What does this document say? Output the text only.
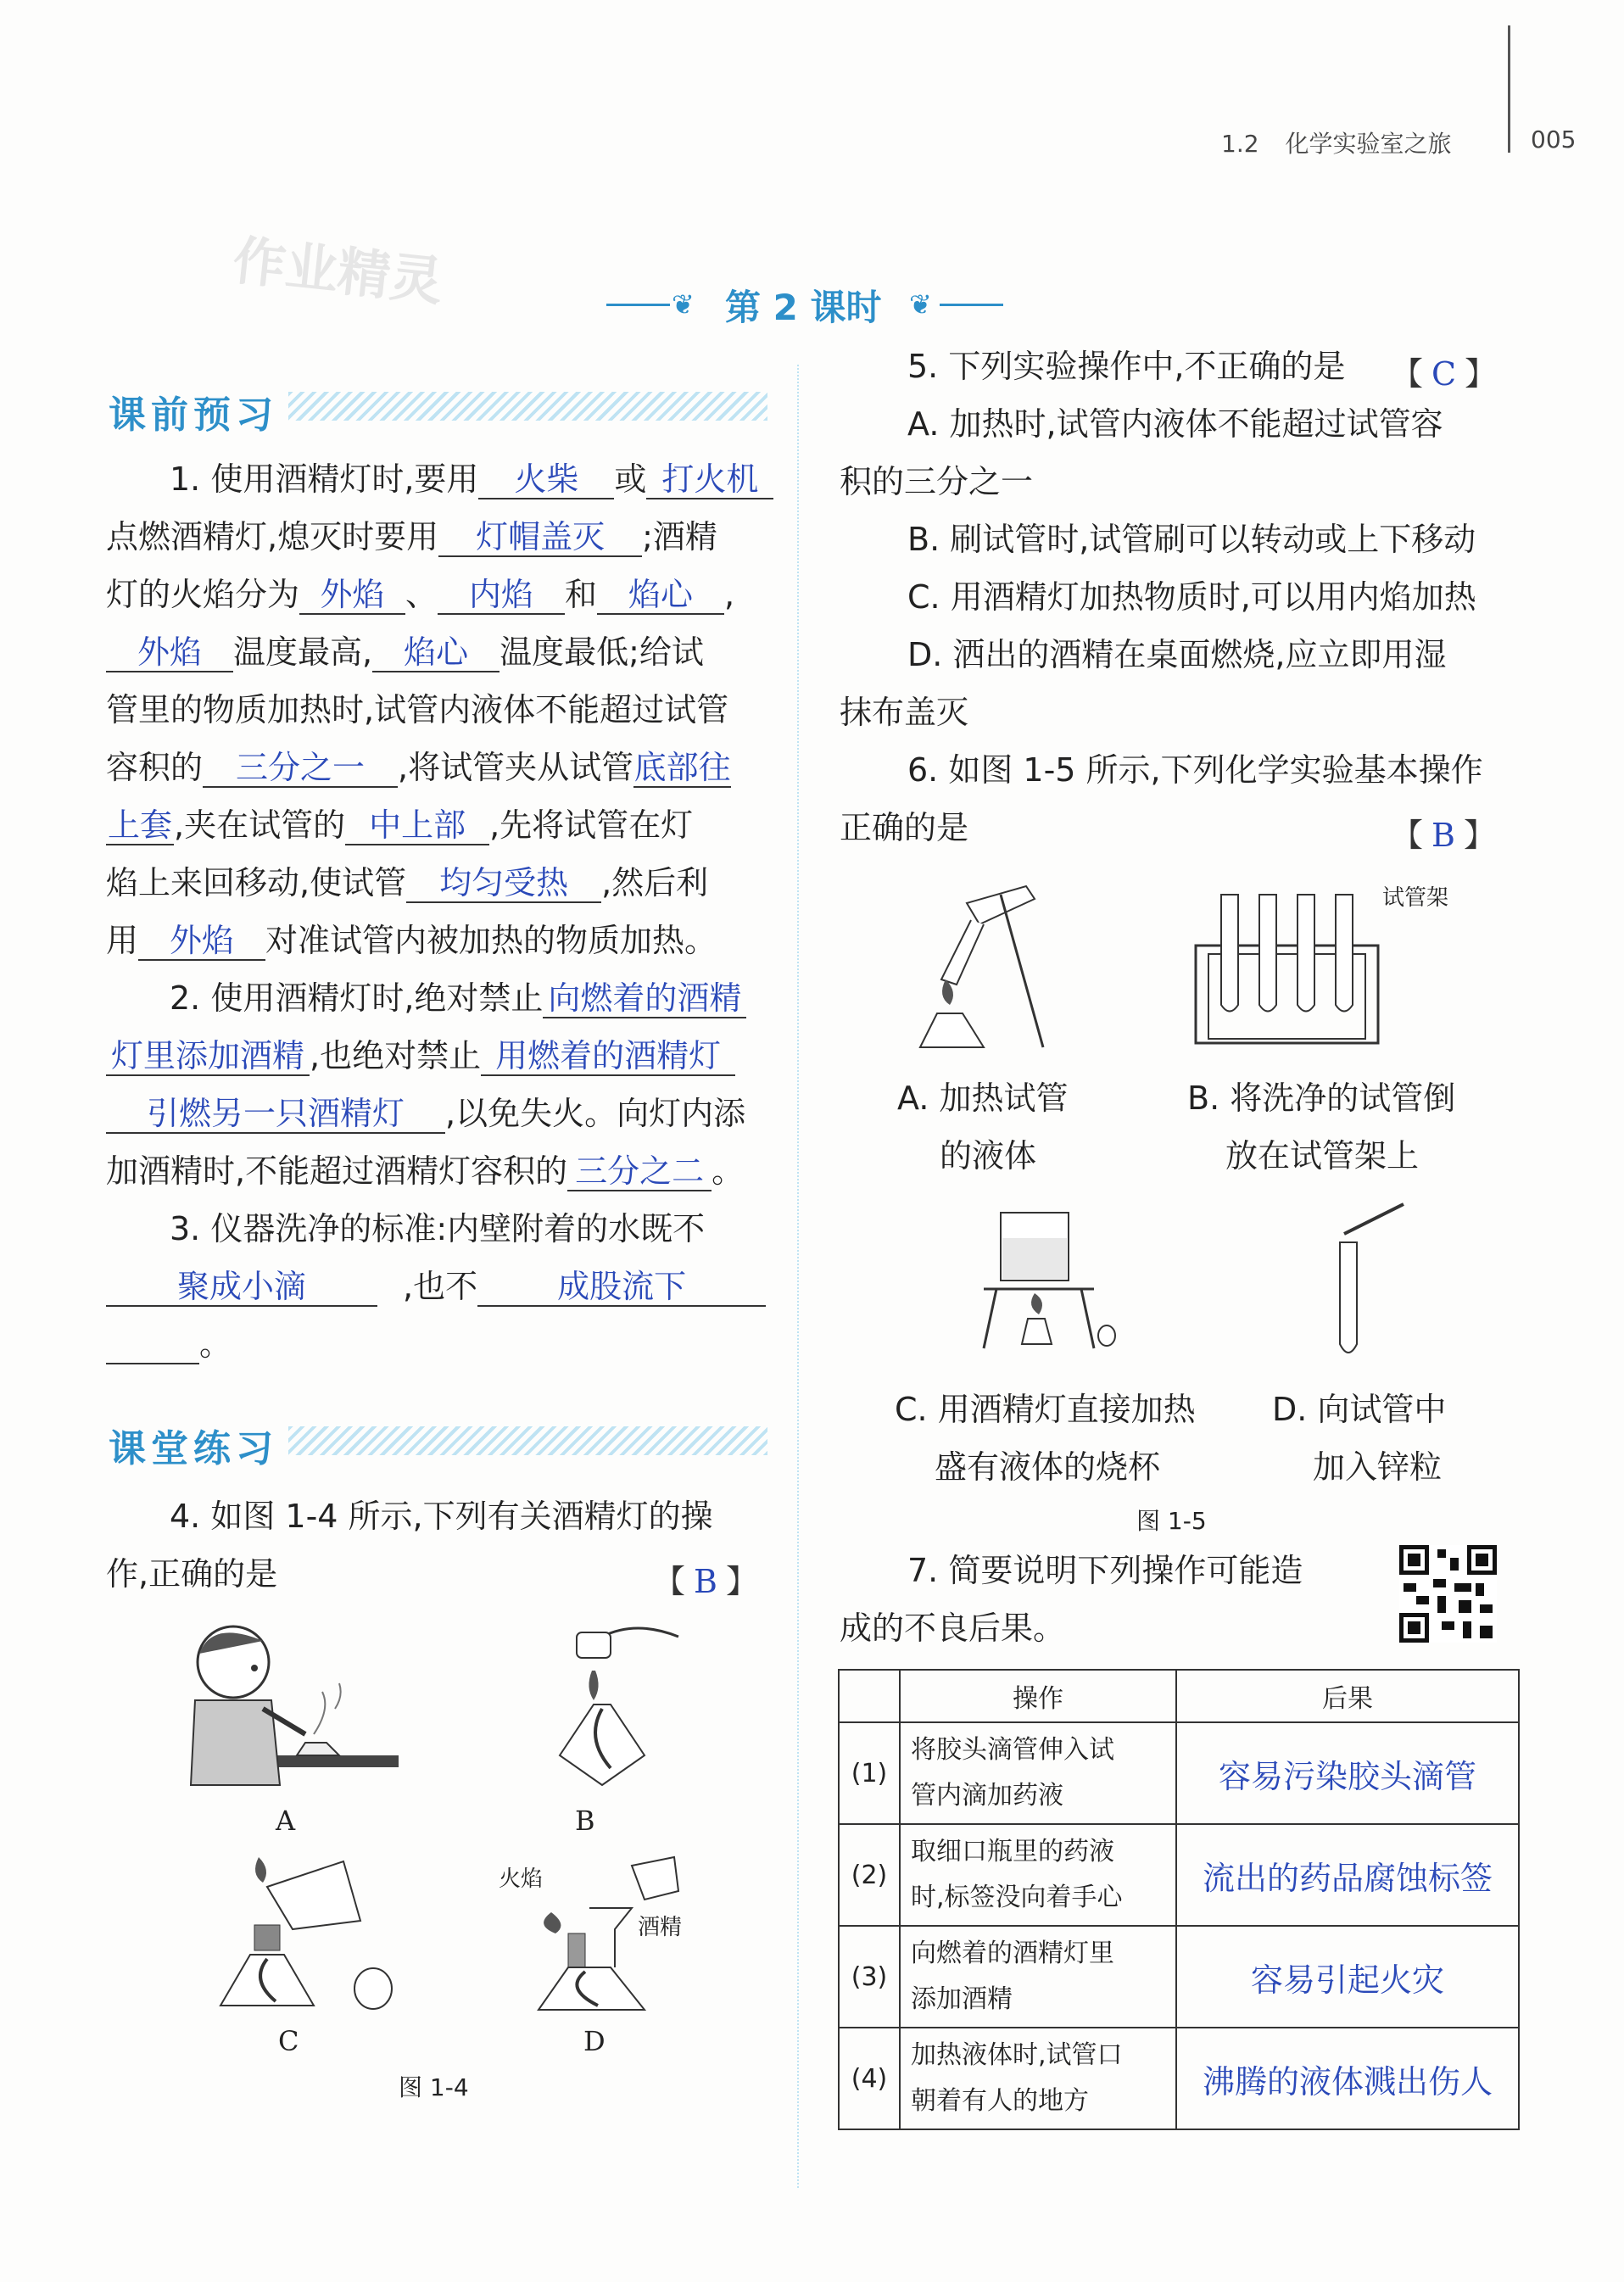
1.2 化学实验室之旅	005
作业精灵	❦ 第 2 课时 ❦
课前预习
1. 使用酒精灯时,要用 火柴 或 打火机
点燃酒精灯,熄灭时要用 灯帽盖灭 ;酒精
灯的火焰分为 外焰 、 内焰 和 焰心 ,
外焰 温度最高, 焰心 温度最低;给试
管里的物质加热时,试管内液体不能超过试管
容积的 三分之一 ,将试管夹从试管底部往
上套,夹在试管的 中上部 ,先将试管在灯
焰上来回移动,使试管 均匀受热 ,然后利
用 外焰 对准试管内被加热的物质加热。
2. 使用酒精灯时,绝对禁止 向燃着的酒精
灯里添加酒精 ,也绝对禁止 用燃着的酒精灯
引燃另一只酒精灯 ,以免失火。向灯内添
加酒精时,不能超过酒精灯容积的 三分之二 。
3. 仪器洗净的标准:内壁附着的水既不
聚成小滴	,也不 成股流下
。
课堂练习
4. 如图 1-4 所示,下列有关酒精灯的操
作,正确的是	【 B 】
A	B
C
火焰
酒精
D
图 1-4
5. 下列实验操作中,不正确的是 【 C 】
A. 加热时,试管内液体不能超过试管容
积的三分之一
B. 刷试管时,试管刷可以转动或上下移动
C. 用酒精灯加热物质时,可以用内焰加热
D. 洒出的酒精在桌面燃烧,应立即用湿
抹布盖灭
6. 如图 1-5 所示,下列化学实验基本操作
正确的是	【 B 】
试管架
A. 加热试管
的液体
B. 将洗净的试管倒
放在试管架上
C. 用酒精灯直接加热
盛有液体的烧杯
D. 向试管中
加入锌粒
图 1-5
7. 简要说明下列操作可能造
成的不良后果。
	操作	后果
(1)	将胶头滴管伸入试
管内滴加药液	容易污染胶头滴管
(2)	取细口瓶里的药液
时,标签没向着手心	流出的药品腐蚀标签
(3)	向燃着的酒精灯里
添加酒精	容易引起火灾
(4)	加热液体时,试管口
朝着有人的地方	沸腾的液体溅出伤人
